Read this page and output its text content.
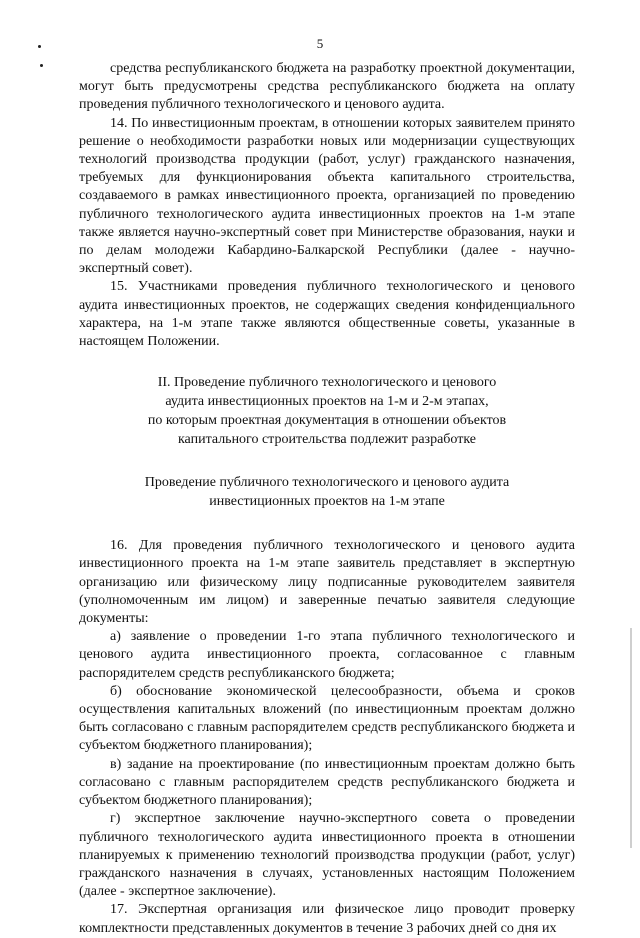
5

средства республиканского бюджета на разработку проектной документации, могут быть предусмотрены средства республиканского бюджета на оплату проведения публичного технологического и ценового аудита.

14. По инвестиционным проектам, в отношении которых заявителем принято решение о необходимости разработки новых или модернизации существующих технологий производства продукции (работ, услуг) гражданского назначения, требуемых для функционирования объекта капитального строительства, создаваемого в рамках инвестиционного проекта, организацией по проведению публичного технологического аудита инвестиционных проектов на 1-м этапе также является научно-экспертный совет при Министерстве образования, науки и по делам молодежи Кабардино-Балкарской Республики (далее - научно-экспертный совет).

15. Участниками проведения публичного технологического и ценового аудита инвестиционных проектов, не содержащих сведения конфиденциального характера, на 1-м этапе также являются общественные советы, указанные в настоящем Положении.

II. Проведение публичного технологического и ценового

аудита инвестиционных проектов на 1-м и 2-м этапах,

по которым проектная документация в отношении объектов

капитального строительства подлежит разработке

Проведение публичного технологического и ценового аудита

инвестиционных проектов на 1-м этапе

16. Для проведения публичного технологического и ценового аудита инвестиционного проекта на 1-м этапе заявитель представляет в экспертную организацию или физическому лицу подписанные руководителем заявителя (уполномоченным им лицом) и заверенные печатью заявителя следующие документы:

а) заявление о проведении 1-го этапа публичного технологического и ценового аудита инвестиционного проекта, согласованное с главным распорядителем средств республиканского бюджета;

б) обоснование экономической целесообразности, объема и сроков осуществления капитальных вложений (по инвестиционным проектам должно быть согласовано с главным распорядителем средств республиканского бюджета и субъектом бюджетного планирования);

в) задание на проектирование (по инвестиционным проектам должно быть согласовано с главным распорядителем средств республиканского бюджета и субъектом бюджетного планирования);

г) экспертное заключение научно-экспертного совета о проведении публичного технологического аудита инвестиционного проекта в отношении планируемых к применению технологий производства продукции (работ, услуг) гражданского назначения в случаях, установленных настоящим Положением (далее - экспертное заключение).

17. Экспертная организация или физическое лицо проводит проверку комплектности представленных документов в течение 3 рабочих дней со дня их
